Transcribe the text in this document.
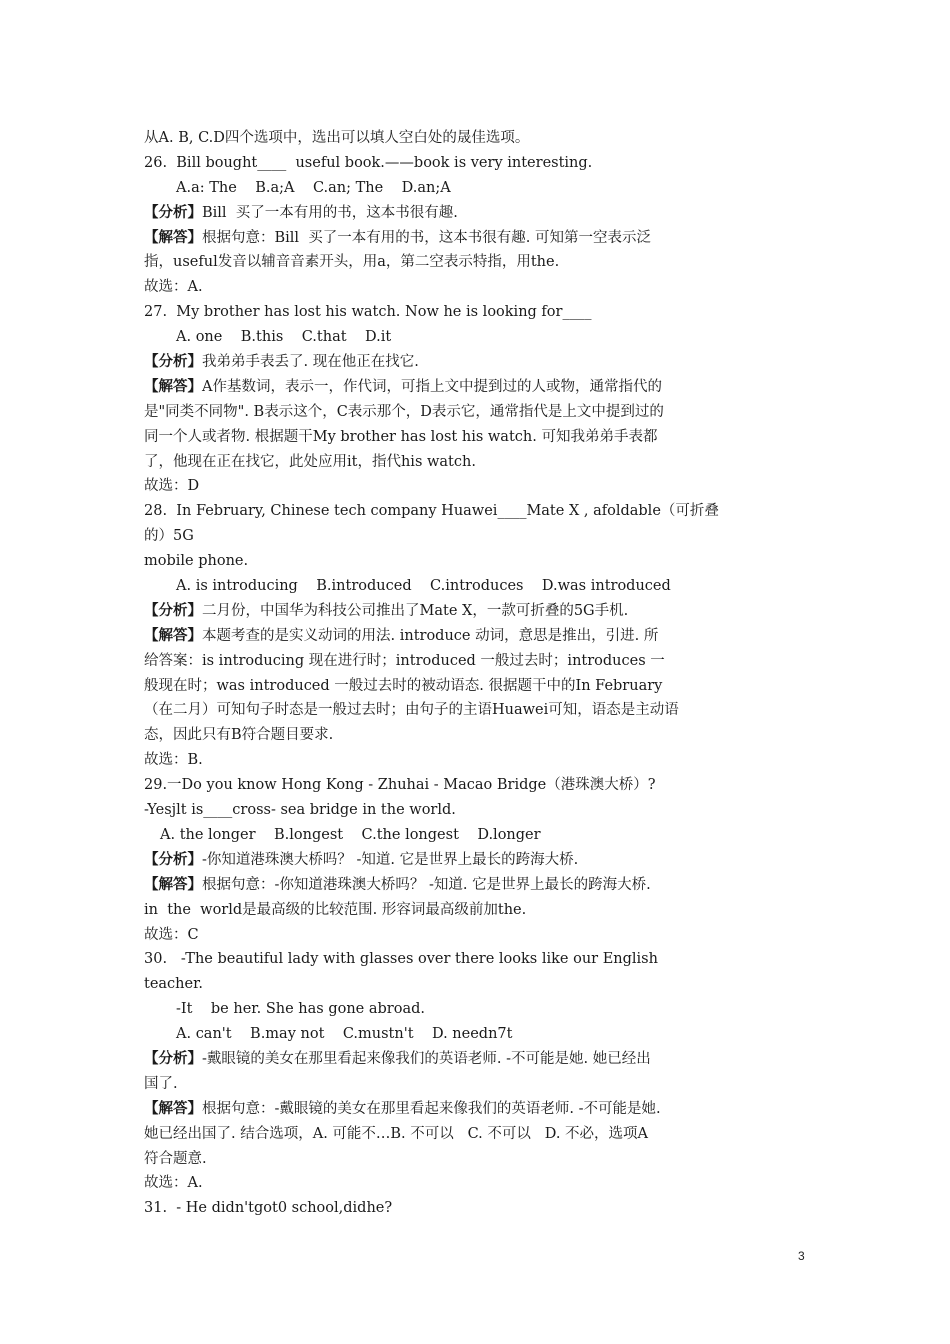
从A. B, C.D四个选项中，选出可以填人空白处的晟佳选项。
26.  Bill bought____  useful book.——book is very interesting.
A.a: The    B.a;A    C.an; The    D.an;A
【分析】Bill  买了一本有用的书，这本书很有趣.
【解答】根据句意：Bill  买了一本有用的书，这本书很有趣. 可知第一空表示泛
指，useful发音以辅音音素开头，用a，第二空表示特指，用the.
故选：A.
27.  My brother has lost his watch. Now he is looking for____
A. one    B.this    C.that    D.it
【分析】我弟弟手表丢了. 现在他正在找它.
【解答】A作基数词，表示一，作代词，可指上文中提到过的人或物，通常指代的
是"同类不同物". B表示这个，C表示那个，D表示它，通常指代是上文中提到过的
同一个人或者物. 根据题干My brother has lost his watch. 可知我弟弟手表都
了，他现在正在找它，此处应用it，指代his watch.
故选：D
28.  In February, Chinese tech company Huawei____Mate X , afoldable（可折叠
的）5G
mobile phone.
A. is introducing    B.introduced    C.introduces    D.was introduced
【分析】二月份，中国华为科技公司推出了Mate X，一款可折叠的5G手机.
【解答】本题考查的是实义动词的用法. introduce 动词，意思是推出，引进. 所
给答案：is introducing 现在进行时；introduced 一般过去时；introduces 一
般现在时；was introduced 一般过去时的被动语态. 很据题干中的In February
（在二月）可知句子时态是一般过去时；由句子的主语Huawei可知，语态是主动语
态，因此只有B符合题目要求.
故选：B.
29.一Do you know Hong Kong - Zhuhai - Macao Bridge（港珠澳大桥）?
-Yesjlt is____cross- sea bridge in the world.
A. the longer    B.longest    C.the longest    D.longer
【分析】-你知道港珠澳大桥吗？ -知道. 它是世界上最长的跨海大桥.
【解答】根据句意：-你知道港珠澳大桥吗？ -知道. 它是世界上最长的跨海大桥.
in  the  world是最高级的比较范围. 形容词最高级前加the.
故选：C
30.   -The beautiful lady with glasses over there looks like our English
teacher.
-It    be her. She has gone abroad.
A. can't    B.may not    C.mustn't    D. needn7t
【分析】-戴眼镜的美女在那里看起来像我们的英语老师. -不可能是她. 她已经出
国了.
【解答】根据句意：-戴眼镜的美女在那里看起来像我们的英语老师. -不可能是她.
她已经出国了. 结合选项，A. 可能不…B. 不可以   C. 不可以   D. 不必，选项A
符合题意.
故选：A.
31.  - He didn'tgot0 school,didhe?
3
